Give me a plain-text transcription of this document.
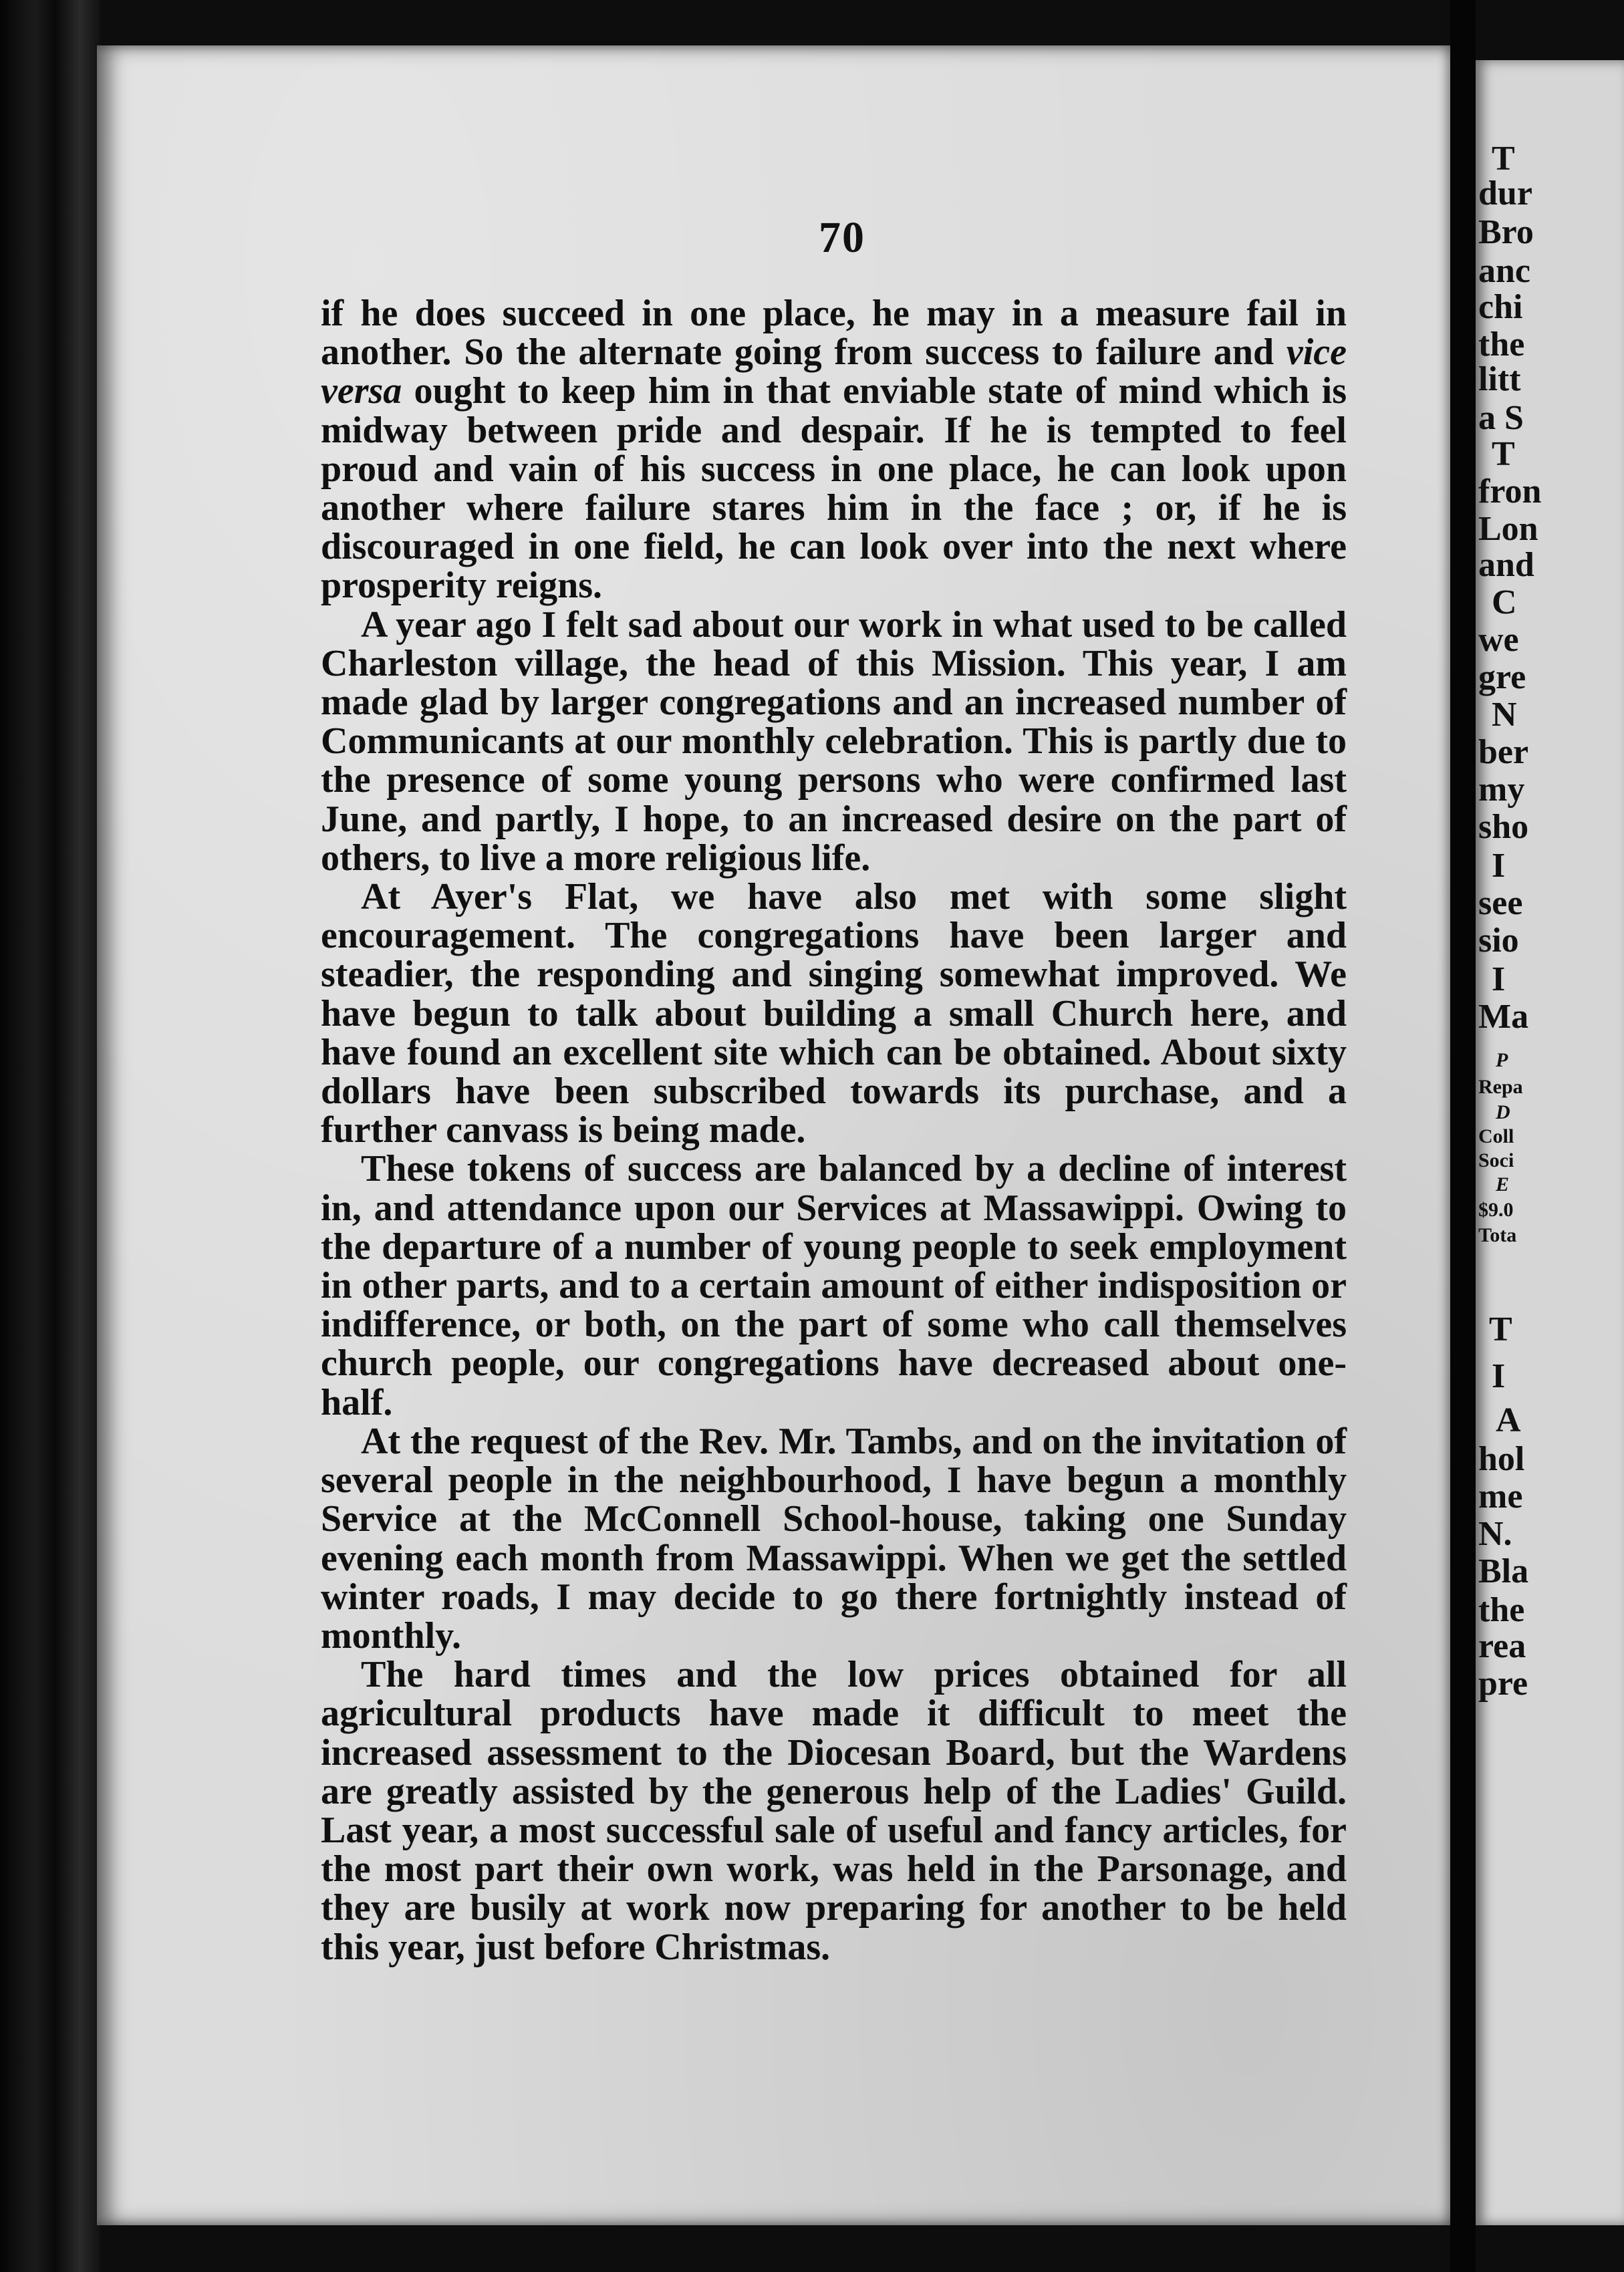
70

if he does succeed in one place, he may in a measure fail in another. So the alternate going from success to failure and vice versa ought to keep him in that enviable state of mind which is midway between pride and despair. If he is tempted to feel proud and vain of his success in one place, he can look upon another where failure stares him in the face ; or, if he is discouraged in one field, he can look over into the next where prosperity reigns.

A year ago I felt sad about our work in what used to be called Charleston village, the head of this Mission. This year, I am made glad by larger congregations and an increased number of Communicants at our monthly celebration. This is partly due to the presence of some young persons who were confirmed last June, and partly, I hope, to an increased desire on the part of others, to live a more religious life.

At Ayer's Flat, we have also met with some slight encouragement. The congregations have been larger and steadier, the responding and singing somewhat improved. We have begun to talk about building a small Church here, and have found an excellent site which can be obtained. About sixty dollars have been subscribed towards its purchase, and a further canvass is being made.

These tokens of success are balanced by a decline of interest in, and attendance upon our Services at Massawippi. Owing to the departure of a number of young people to seek employment in other parts, and to a certain amount of either indisposition or indifference, or both, on the part of some who call themselves church people, our congregations have decreased about one-half.

At the request of the Rev. Mr. Tambs, and on the invitation of several people in the neighbourhood, I have begun a monthly Service at the McConnell School-house, taking one Sunday evening each month from Massawippi. When we get the settled winter roads, I may decide to go there fortnightly instead of monthly.

The hard times and the low prices obtained for all agricultural products have made it difficult to meet the increased assessment to the Diocesan Board, but the Wardens are greatly assisted by the generous help of the Ladies' Guild. Last year, a most successful sale of useful and fancy articles, for the most part their own work, was held in the Parsonage, and they are busily at work now preparing for another to be held this year, just before Christmas.

T
dur
Bro
anc
chi
the
litt
a S
T
fron
Lon
and
C
we
gre
N
ber
my
sho
I
see
sio
I
Ma
P
Repa
D
Coll
Soci
E
$9.0
Tota
T
I
A
hol
me
N.
Bla
the
rea
pre
